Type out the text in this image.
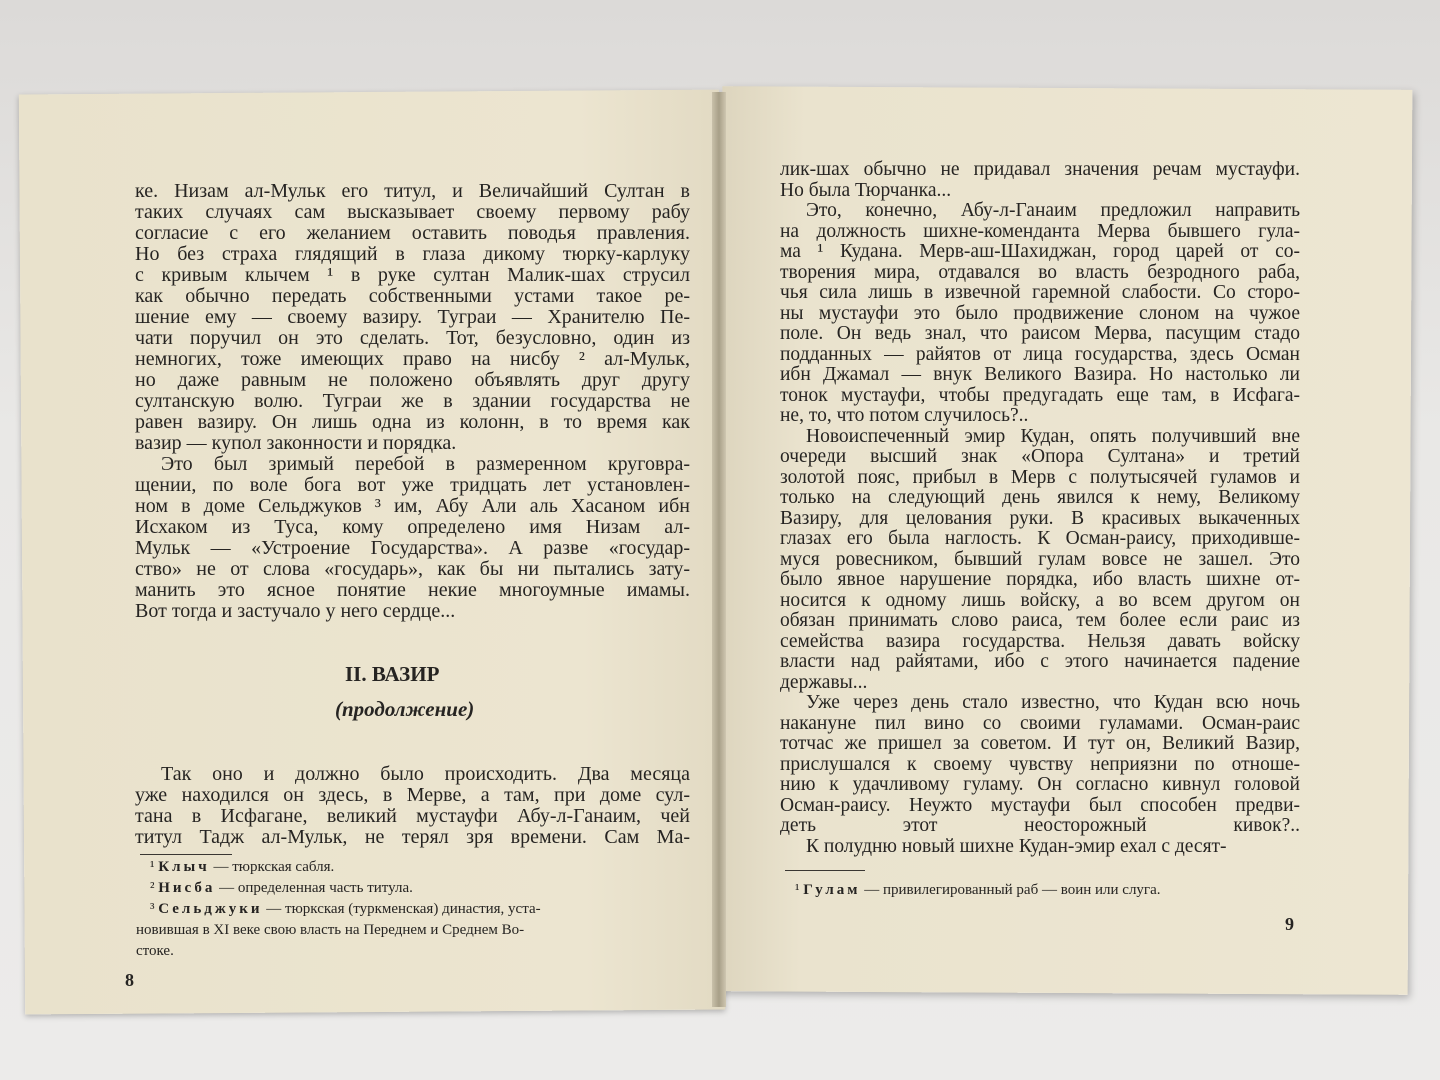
ке. Низам ал-Мульк его титул, и Величайший Султан в
таких случаях сам высказывает своему первому рабу
согласие с его желанием оставить поводья правления.
Но без страха глядящий в глаза дикому тюрку-карлуку
с кривым клычем ¹ в руке султан Малик-шах струсил
как обычно передать собственными устами такое ре-
шение ему — своему вазиру. Туграи — Хранителю Пе-
чати поручил он это сделать. Тот, безусловно, один из
немногих, тоже имеющих право на нисбу ² ал-Мульк,
но даже равным не положено объявлять друг другу
султанскую волю. Туграи же в здании государства не
равен вазиру. Он лишь одна из колонн, в то время как
вазир — купол законности и порядка.
Это был зримый перебой в размеренном круговра-
щении, по воле бога вот уже тридцать лет установлен-
ном в доме Сельджуков ³ им, Абу Али аль Хасаном ибн
Исхаком из Туса, кому определено имя Низам ал-
Мульк — «Устроение Государства». А разве «государ-
ство» не от слова «государь», как бы ни пытались зату-
манить это ясное понятие некие многоумные имамы.
Вот тогда и застучало у него сердце...
II. ВАЗИР
(продолжение)
Так оно и должно было происходить. Два месяца
уже находился он здесь, в Мерве, а там, при доме сул-
тана в Исфагане, великий мустауфи Абу-л-Ганаим, чей
титул Тадж ал-Мульк, не терял зря времени. Сам Ма-
¹ Клыч — тюркская сабля.
² Нисба — определенная часть титула.
³ Сельджуки — тюркская (туркменская) династия, уста-
новившая в XI веке свою власть на Переднем и Среднем Во-
стоке.
8
лик-шах обычно не придавал значения речам мустауфи.
Но была Тюрчанка...
Это, конечно, Абу-л-Ганаим предложил направить
на должность шихне-коменданта Мерва бывшего гула-
ма ¹ Кудана. Мерв-аш-Шахиджан, город царей от со-
творения мира, отдавался во власть безродного раба,
чья сила лишь в извечной гаремной слабости. Со сторо-
ны мустауфи это было продвижение слоном на чужое
поле. Он ведь знал, что раисом Мерва, пасущим стадо
подданных — райятов от лица государства, здесь Осман
ибн Джамал — внук Великого Вазира. Но настолько ли
тонок мустауфи, чтобы предугадать еще там, в Исфага-
не, то, что потом случилось?..
Новоиспеченный эмир Кудан, опять получивший вне
очереди высший знак «Опора Султана» и третий
золотой пояс, прибыл в Мерв с полутысячей гуламов и
только на следующий день явился к нему, Великому
Вазиру, для целования руки. В красивых выкаченных
глазах его была наглость. К Осман-раису, приходивше-
муся ровесником, бывший гулам вовсе не зашел. Это
было явное нарушение порядка, ибо власть шихне от-
носится к одному лишь войску, а во всем другом он
обязан принимать слово раиса, тем более если раис из
семейства вазира государства. Нельзя давать войску
власти над райятами, ибо с этого начинается падение
державы...
Уже через день стало известно, что Кудан всю ночь
накануне пил вино со своими гуламами. Осман-раис
тотчас же пришел за советом. И тут он, Великий Вазир,
прислушался к своему чувству неприязни по отноше-
нию к удачливому гуламу. Он согласно кивнул головой
Осман-раису. Неужто мустауфи был способен предви-
деть этот неосторожный кивок?..
К полудню новый шихне Кудан-эмир ехал с десят-
¹ Гулам — привилегированный раб — воин или слуга.
9
